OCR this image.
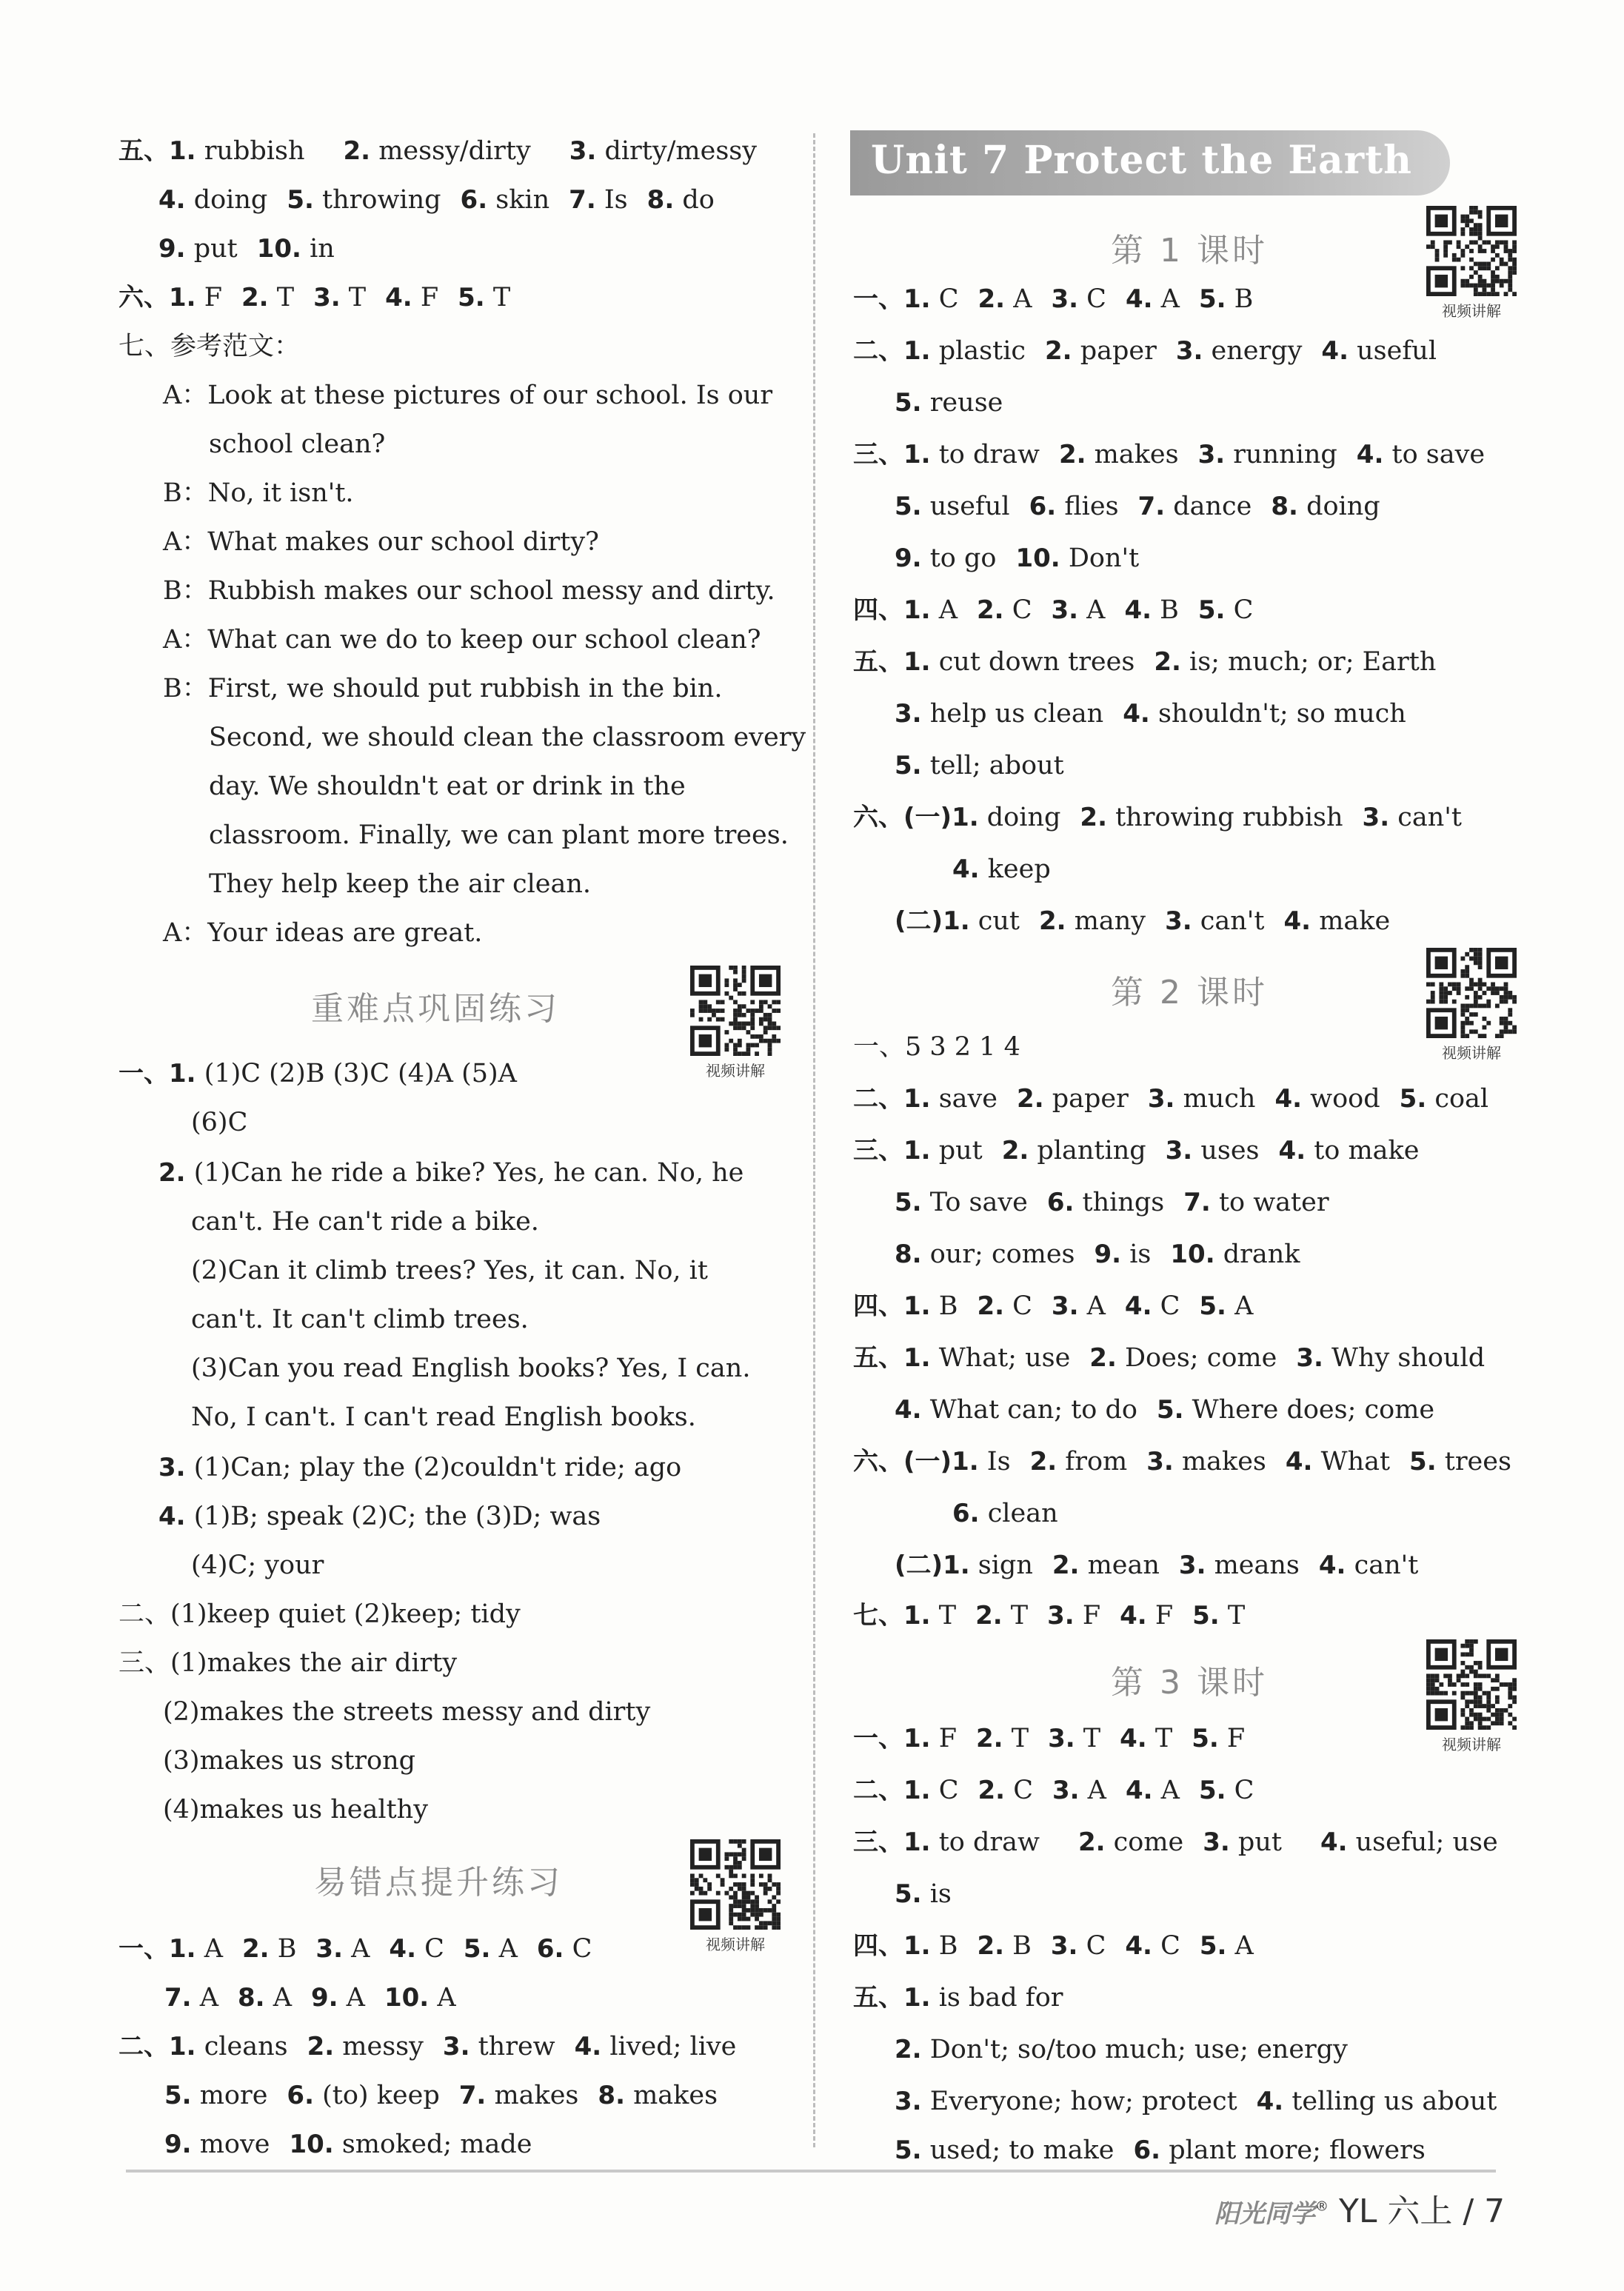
五、1. rubbish 2. messy/dirty 3. dirty/messy
4. doing 5. throwing 6. skin 7. Is 8. do
9. put 10. in
六、1. F 2. T 3. T 4. F 5. T
七、参考范文：
A：Look at these pictures of our school. Is our
school clean?
B：No, it isn't.
A：What makes our school dirty?
B：Rubbish makes our school messy and dirty.
A：What can we do to keep our school clean?
B：First, we should put rubbish in the bin.
Second, we should clean the classroom every
day. We shouldn't eat or drink in the
classroom. Finally, we can plant more trees.
They help keep the air clean.
A：Your ideas are great.
一、1. (1)C (2)B (3)C (4)A (5)A
(6)C
2. (1)Can he ride a bike? Yes, he can. No, he
can't. He can't ride a bike.
(2)Can it climb trees? Yes, it can. No, it
can't. It can't climb trees.
(3)Can you read English books? Yes, I can.
No, I can't. I can't read English books.
3. (1)Can; play the (2)couldn't ride; ago
4. (1)B; speak (2)C; the (3)D; was
(4)C; your
二、(1)keep quiet (2)keep; tidy
三、(1)makes the air dirty
(2)makes the streets messy and dirty
(3)makes us strong
(4)makes us healthy
一、1. A 2. B 3. A 4. C 5. A 6. C
7. A 8. A 9. A 10. A
二、1. cleans 2. messy 3. threw 4. lived; live
5. more 6. (to) keep 7. makes 8. makes
9. move 10. smoked; made
重难点巩固练习
易错点提升练习
Unit 7 Protect the Earth
一、1. C 2. A 3. C 4. A 5. B
二、1. plastic 2. paper 3. energy 4. useful
5. reuse
三、1. to draw 2. makes 3. running 4. to save
5. useful 6. flies 7. dance 8. doing
9. to go 10. Don't
四、1. A 2. C 3. A 4. B 5. C
五、1. cut down trees 2. is; much; or; Earth
3. help us clean 4. shouldn't; so much
5. tell; about
六、(一)1. doing 2. throwing rubbish 3. can't
4. keep
(二)1. cut 2. many 3. can't 4. make
一、5 3 2 1 4
二、1. save 2. paper 3. much 4. wood 5. coal
三、1. put 2. planting 3. uses 4. to make
5. To save 6. things 7. to water
8. our; comes 9. is 10. drank
四、1. B 2. C 3. A 4. C 5. A
五、1. What; use 2. Does; come 3. Why should
4. What can; to do 5. Where does; come
六、(一)1. Is 2. from 3. makes 4. What 5. trees
6. clean
(二)1. sign 2. mean 3. means 4. can't
七、1. T 2. T 3. F 4. F 5. T
一、1. F 2. T 3. T 4. T 5. F
二、1. C 2. C 3. A 4. A 5. C
三、1. to draw 2. come 3. put 4. useful; use
5. is
四、1. B 2. B 3. C 4. C 5. A
五、1. is bad for
2. Don't; so/too much; use; energy
3. Everyone; how; protect 4. telling us about
5. used; to make 6. plant more; flowers
第 1 课时
第 2 课时
第 3 课时
视频讲解
视频讲解
视频讲解
视频讲解
视频讲解
阳光同学® YL 六上 / 7
